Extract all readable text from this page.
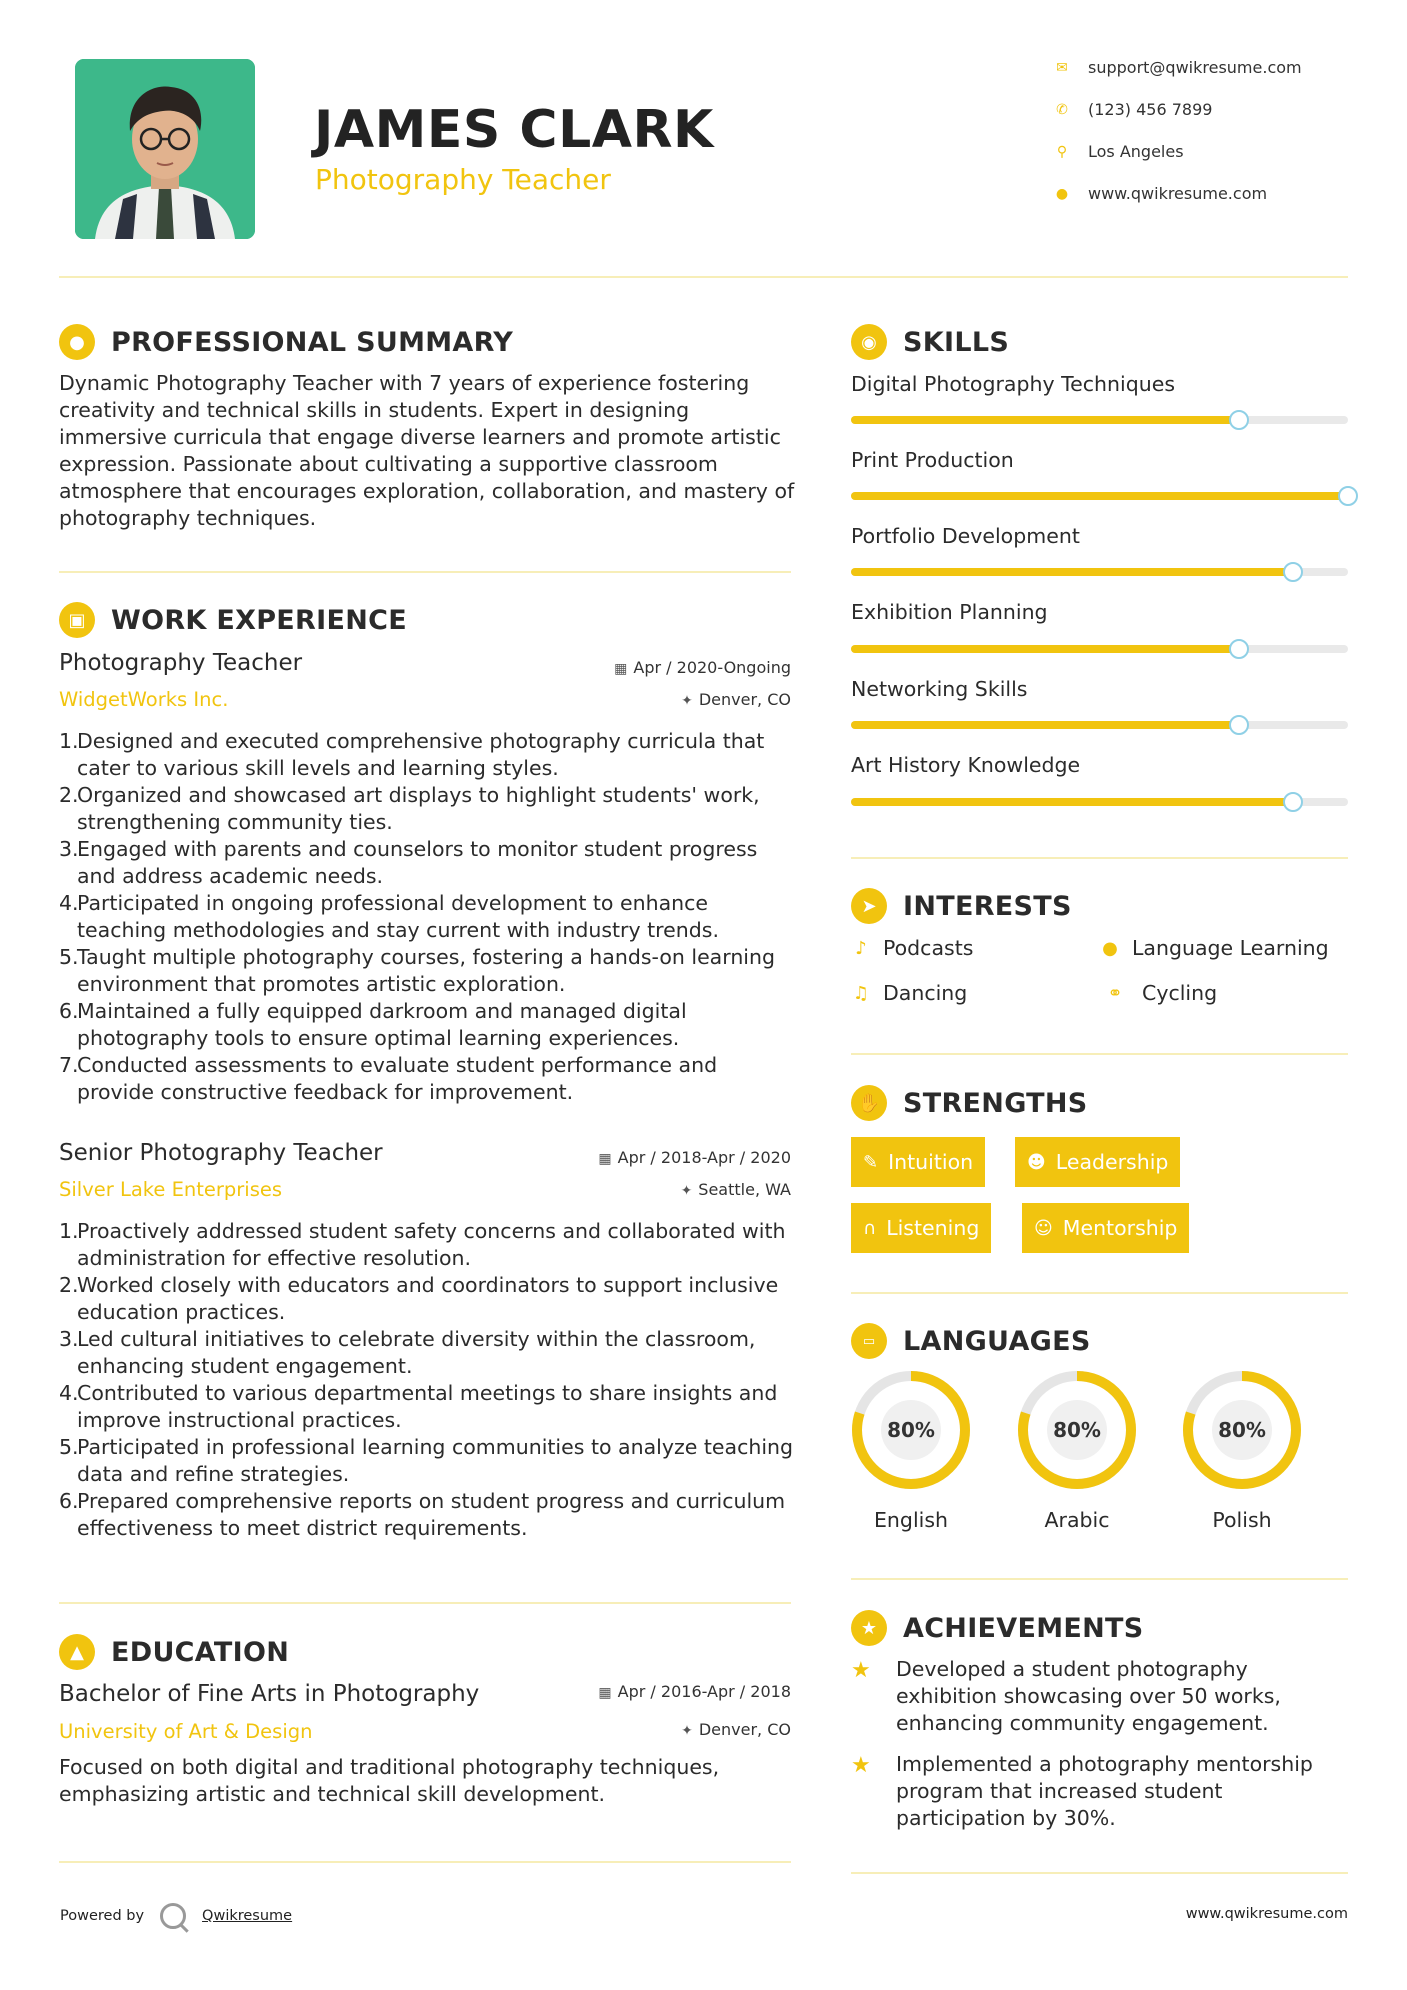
JAMES CLARK
Photography Teacher
✉ support@qwikresume.com
✆ (123) 456 7899
⚲	Los Angeles
● www.qwikresume.com
● PROFESSIONAL SUMMARY
Dynamic Photography Teacher with 7 years of experience fostering creativity and technical skills in students. Expert in designing immersive curricula that engage diverse learners and promote artistic expression. Passionate about cultivating a supportive classroom atmosphere that encourages exploration, collaboration, and mastery of photography techniques.
▣ WORK EXPERIENCE
Photography Teacher
WidgetWorks Inc.
▦ Apr / 2020-Ongoing
✦ Denver, CO
1.
Designed and executed comprehensive photography curricula that cater to various skill levels and learning styles.
2.
Organized and showcased art displays to highlight students' work, strengthening community ties.
3.
Engaged with parents and counselors to monitor student progress and address academic needs.
4.
Participated in ongoing professional development to enhance teaching methodologies and stay current with industry trends.
5.
Taught multiple photography courses, fostering a hands-on learning environment that promotes artistic exploration.
6.
Maintained a fully equipped darkroom and managed digital photography tools to ensure optimal learning experiences.
7.
Conducted assessments to evaluate student performance and provide constructive feedback for improvement.
Senior Photography Teacher
Silver Lake Enterprises
▦ Apr / 2018-Apr / 2020
✦ Seattle, WA
1.
Proactively addressed student safety concerns and collaborated with administration for effective resolution.
2.
Worked closely with educators and coordinators to support inclusive education practices.
3.
Led cultural initiatives to celebrate diversity within the classroom, enhancing student engagement.
4.
Contributed to various departmental meetings to share insights and improve instructional practices.
5.
Participated in professional learning communities to analyze teaching data and refine strategies.
6.
Prepared comprehensive reports on student progress and curriculum effectiveness to meet district requirements.
▲	EDUCATION
Bachelor of Fine Arts in Photography
University of Art & Design
▦ Apr / 2016-Apr / 2018
✦ Denver, CO
Focused on both digital and traditional photography techniques, emphasizing artistic and technical skill development.
◉ SKILLS
Digital Photography Techniques
Print Production
Portfolio Development
Exhibition Planning
Networking Skills
Art History Knowledge
➤ INTERESTS
♪ Podcasts	● Language Learning
♫ Dancing	⚭ Cycling
✋ STRENGTHS
✎ Intuition	☻ Leadership
∩ Listening	☺ Mentorship
▭	LANGUAGES
80%
English
80%
Arabic
80%
Polish
★ ACHIEVEMENTS
★ Developed a student photography exhibition showcasing over 50 works, enhancing community engagement.
★ Implemented a photography mentorship program that increased student participation by 30%.
Powered by	Qwikresume	www.qwikresume.com
